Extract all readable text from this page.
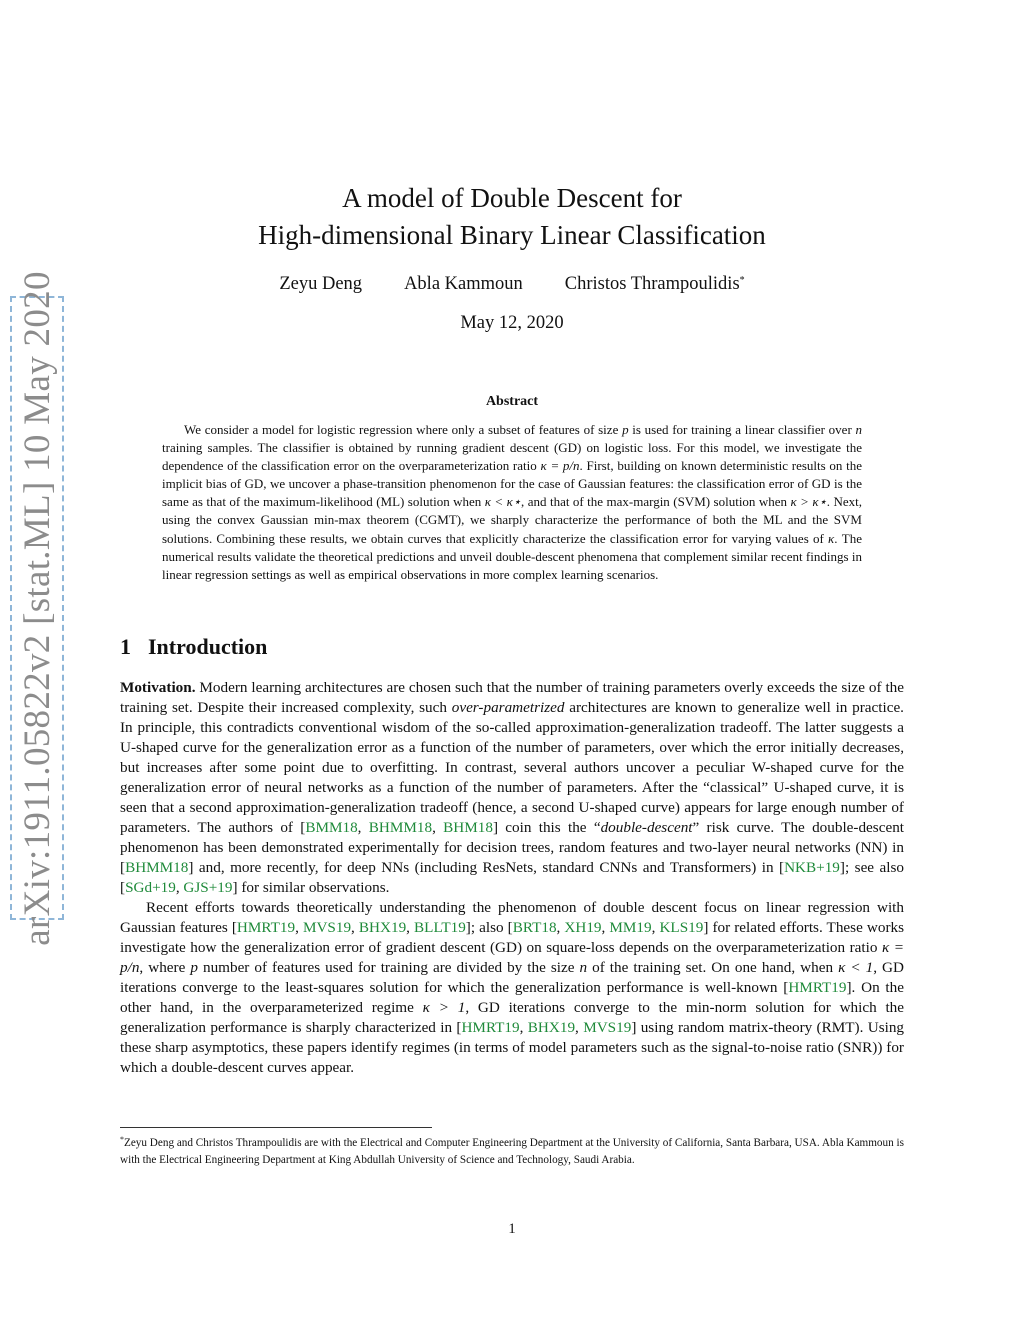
arXiv:1911.05822v2 [stat.ML] 10 May 2020
A model of Double Descent for
High-dimensional Binary Linear Classification
Zeyu Deng Abla Kammoun Christos Thrampoulidis*
May 12, 2020
Abstract
We consider a model for logistic regression where only a subset of features of size p is used for training a linear classifier over n training samples. The classifier is obtained by running gradient descent (GD) on logistic loss. For this model, we investigate the dependence of the classification error on the overparameterization ratio κ = p/n. First, building on known deterministic results on the implicit bias of GD, we uncover a phase-transition phenomenon for the case of Gaussian features: the classification error of GD is the same as that of the maximum-likelihood (ML) solution when κ < κ⋆, and that of the max-margin (SVM) solution when κ > κ⋆. Next, using the convex Gaussian min-max theorem (CGMT), we sharply characterize the performance of both the ML and the SVM solutions. Combining these results, we obtain curves that explicitly characterize the classification error for varying values of κ. The numerical results validate the theoretical predictions and unveil double-descent phenomena that complement similar recent findings in linear regression settings as well as empirical observations in more complex learning scenarios.
1 Introduction

Motivation. Modern learning architectures are chosen such that the number of training parameters overly exceeds the size of the training set. Despite their increased complexity, such over-parametrized architectures are known to generalize well in practice. In principle, this contradicts conventional wisdom of the so-called approximation-generalization tradeoff. The latter suggests a U-shaped curve for the generalization error as a function of the number of parameters, over which the error initially decreases, but increases after some point due to overfitting. In contrast, several authors uncover a peculiar W-shaped curve for the generalization error of neural networks as a function of the number of parameters. After the “classical” U-shaped curve, it is seen that a second approximation-generalization tradeoff (hence, a second U-shaped curve) appears for large enough number of parameters. The authors of [BMM18, BHMM18, BHM18] coin this the “double-descent” risk curve. The double-descent phenomenon has been demonstrated experimentally for decision trees, random features and two-layer neural networks (NN) in [BHMM18] and, more recently, for deep NNs (including ResNets, standard CNNs and Transformers) in [NKB+19]; see also [SGd+19, GJS+19] for similar observations.

Recent efforts towards theoretically understanding the phenomenon of double descent focus on linear regression with Gaussian features [HMRT19, MVS19, BHX19, BLLT19]; also [BRT18, XH19, MM19, KLS19] for related efforts. These works investigate how the generalization error of gradient descent (GD) on square-loss depends on the overparameterization ratio κ = p/n, where p number of features used for training are divided by the size n of the training set. On one hand, when κ < 1, GD iterations converge to the least-squares solution for which the generalization performance is well-known [HMRT19]. On the other hand, in the overparameterized regime κ > 1, GD iterations converge to the min-norm solution for which the generalization performance is sharply characterized in [HMRT19, BHX19, MVS19] using random matrix-theory (RMT). Using these sharp asymptotics, these papers identify regimes (in terms of model parameters such as the signal-to-noise ratio (SNR)) for which a double-descent curves appear.

*Zeyu Deng and Christos Thrampoulidis are with the Electrical and Computer Engineering Department at the University of California, Santa Barbara, USA. Abla Kammoun is with the Electrical Engineering Department at King Abdullah University of Science and Technology, Saudi Arabia.
1
